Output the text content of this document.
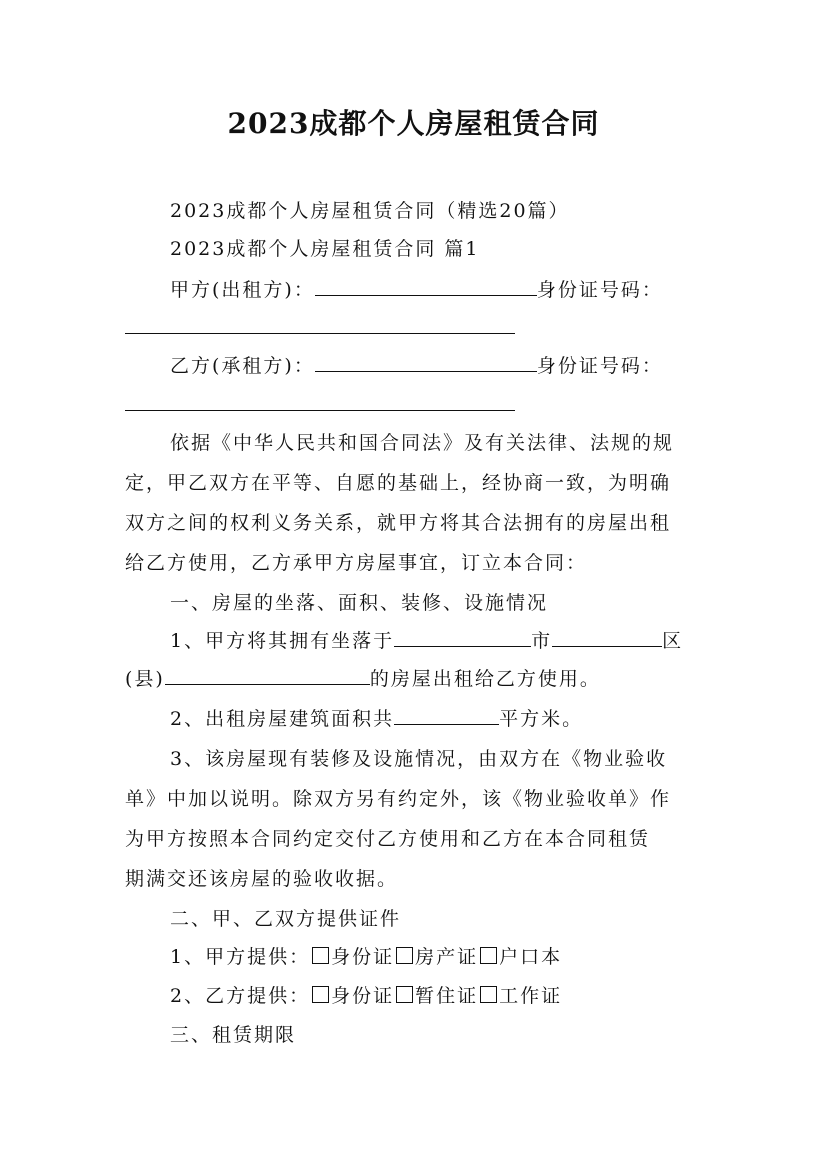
2023成都个人房屋租赁合同
2023成都个人房屋租赁合同（精选20篇）
2023成都个人房屋租赁合同 篇1
甲方(出租方)：	身份证号码：
乙方(承租方)：	身份证号码：
依据《中华人民共和国合同法》及有关法律、法规的规
定，甲乙双方在平等、自愿的基础上，经协商一致，为明确
双方之间的权利义务关系，就甲方将其合法拥有的房屋出租
给乙方使用，乙方承甲方房屋事宜，订立本合同：
一、房屋的坐落、面积、装修、设施情况
1、甲方将其拥有坐落于	市	区
(县)	的房屋出租给乙方使用。
2、出租房屋建筑面积共	平方米。
3、该房屋现有装修及设施情况，由双方在《物业验收
单》中加以说明。除双方另有约定外，该《物业验收单》作
为甲方按照本合同约定交付乙方使用和乙方在本合同租赁
期满交还该房屋的验收收据。
二、甲、乙双方提供证件
1、甲方提供： 身份证 房产证 户口本
2、乙方提供： 身份证 暂住证 工作证
三、租赁期限
